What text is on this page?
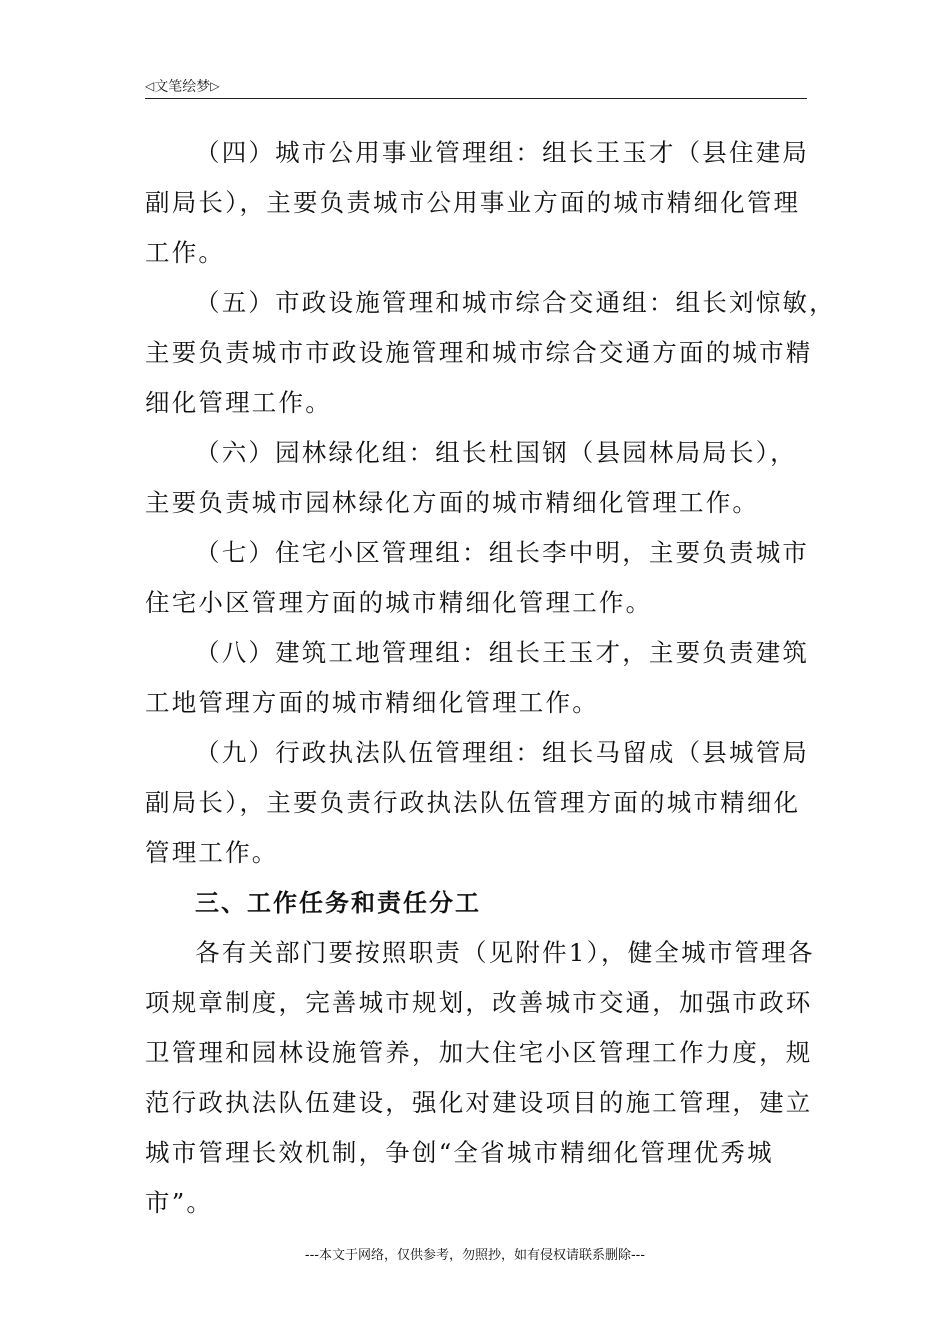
◁ 文笔绘梦 ▷
（四）城市公用事业管理组：组长王玉才（县住建局
副局长），主要负责城市公用事业方面的城市精细化管理
工作。
（五）市政设施管理和城市综合交通组：组长刘惊敏，
主要负责城市市政设施管理和城市综合交通方面的城市精
细化管理工作。
（六）园林绿化组：组长杜国钢（县园林局局长），
主要负责城市园林绿化方面的城市精细化管理工作。
（七）住宅小区管理组：组长李中明，主要负责城市
住宅小区管理方面的城市精细化管理工作。
（八）建筑工地管理组：组长王玉才，主要负责建筑
工地管理方面的城市精细化管理工作。
（九）行政执法队伍管理组：组长马留成（县城管局
副局长），主要负责行政执法队伍管理方面的城市精细化
管理工作。
三、工作任务和责任分工
各有关部门要按照职责（见附件1），健全城市管理各
项规章制度，完善城市规划，改善城市交通，加强市政环
卫管理和园林设施管养，加大住宅小区管理工作力度，规
范行政执法队伍建设，强化对建设项目的施工管理，建立
城市管理长效机制，争创“全省城市精细化管理优秀城
市”。
---本文于网络，仅供参考，勿照抄，如有侵权请联系删除---
